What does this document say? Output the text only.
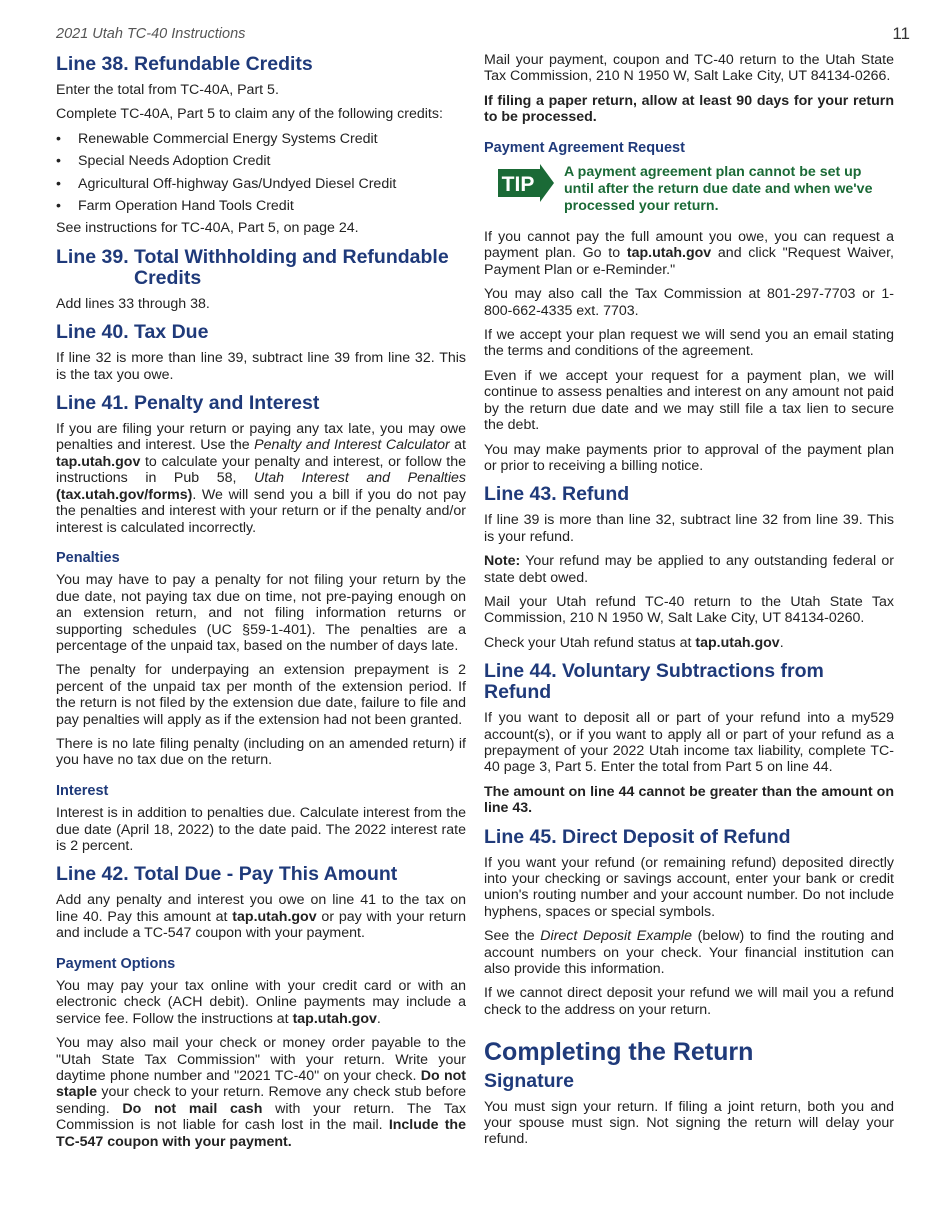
2021 Utah TC-40 Instructions	11
Line 38. Refundable Credits

Enter the total from TC-40A, Part 5.

Complete TC-40A, Part 5 to claim any of the following credits:

• Renewable Commercial Energy Systems Credit
• Special Needs Adoption Credit
• Agricultural Off-highway Gas/Undyed Diesel Credit
• Farm Operation Hand Tools Credit

See instructions for TC-40A, Part 5, on page 24.

Line 39. Total Withholding and Refundable Credits

Add lines 33 through 38.

Line 40. Tax Due

If line 32 is more than line 39, subtract line 39 from line 32. This is the tax you owe.

Line 41. Penalty and Interest

If you are filing your return or paying any tax late, you may owe penalties and interest. Use the Penalty and Interest Calculator at tap.utah.gov to calculate your penalty and interest, or follow the instructions in Pub 58, Utah Interest and Penalties (tax.utah.gov/forms). We will send you a bill if you do not pay the penalties and interest with your return or if the penalty and/or interest is calculated incorrectly.

Penalties

You may have to pay a penalty for not filing your return by the due date, not paying tax due on time, not pre-paying enough on an extension return, and not filing information returns or supporting schedules (UC §59-1-401). The penalties are a percentage of the unpaid tax, based on the number of days late.

The penalty for underpaying an extension prepayment is 2 percent of the unpaid tax per month of the extension period. If the return is not filed by the extension due date, failure to file and pay penalties will apply as if the extension had not been granted.

There is no late filing penalty (including on an amended return) if you have no tax due on the return.

Interest

Interest is in addition to penalties due. Calculate interest from the due date (April 18, 2022) to the date paid. The 2022 interest rate is 2 percent.

Line 42. Total Due - Pay This Amount

Add any penalty and interest you owe on line 41 to the tax on line 40. Pay this amount at tap.utah.gov or pay with your return and include a TC-547 coupon with your payment.

Payment Options

You may pay your tax online with your credit card or with an electronic check (ACH debit). Online payments may include a service fee. Follow the instructions at tap.utah.gov.

You may also mail your check or money order payable to the "Utah State Tax Commission" with your return. Write your daytime phone number and "2021 TC-40" on your check. Do not staple your check to your return. Remove any check stub before sending. Do not mail cash with your return. The Tax Commission is not liable for cash lost in the mail. Include the TC-547 coupon with your payment.

Mail your payment, coupon and TC-40 return to the Utah State Tax Commission, 210 N 1950 W, Salt Lake City, UT 84134-0266.

If filing a paper return, allow at least 90 days for your return to be processed.

Payment Agreement Request
TIP
A payment agreement plan cannot be set up until after the return due date and when we've processed your return.

If you cannot pay the full amount you owe, you can request a payment plan. Go to tap.utah.gov and click "Request Waiver, Payment Plan or e-Reminder."

You may also call the Tax Commission at 801-297-7703 or 1-800-662-4335 ext. 7703.

If we accept your plan request we will send you an email stating the terms and conditions of the agreement.

Even if we accept your request for a payment plan, we will continue to assess penalties and interest on any amount not paid by the return due date and we may still file a tax lien to secure the debt.

You may make payments prior to approval of the payment plan or prior to receiving a billing notice.

Line 43. Refund

If line 39 is more than line 32, subtract line 32 from line 39. This is your refund.

Note: Your refund may be applied to any outstanding federal or state debt owed.

Mail your Utah refund TC-40 return to the Utah State Tax Commission, 210 N 1950 W, Salt Lake City, UT 84134-0260.

Check your Utah refund status at tap.utah.gov.

Line 44. Voluntary Subtractions from Refund

If you want to deposit all or part of your refund into a my529 account(s), or if you want to apply all or part of your refund as a prepayment of your 2022 Utah income tax liability, complete TC-40 page 3, Part 5. Enter the total from Part 5 on line 44.

The amount on line 44 cannot be greater than the amount on line 43.

Line 45. Direct Deposit of Refund

If you want your refund (or remaining refund) deposited directly into your checking or savings account, enter your bank or credit union's routing number and your account number. Do not include hyphens, spaces or special symbols.

See the Direct Deposit Example (below) to find the routing and account numbers on your check. Your financial institution can also provide this information.

If we cannot direct deposit your refund we will mail you a refund check to the address on your return.

Completing the Return
Signature

You must sign your return. If filing a joint return, both you and your spouse must sign. Not signing the return will delay your refund.
